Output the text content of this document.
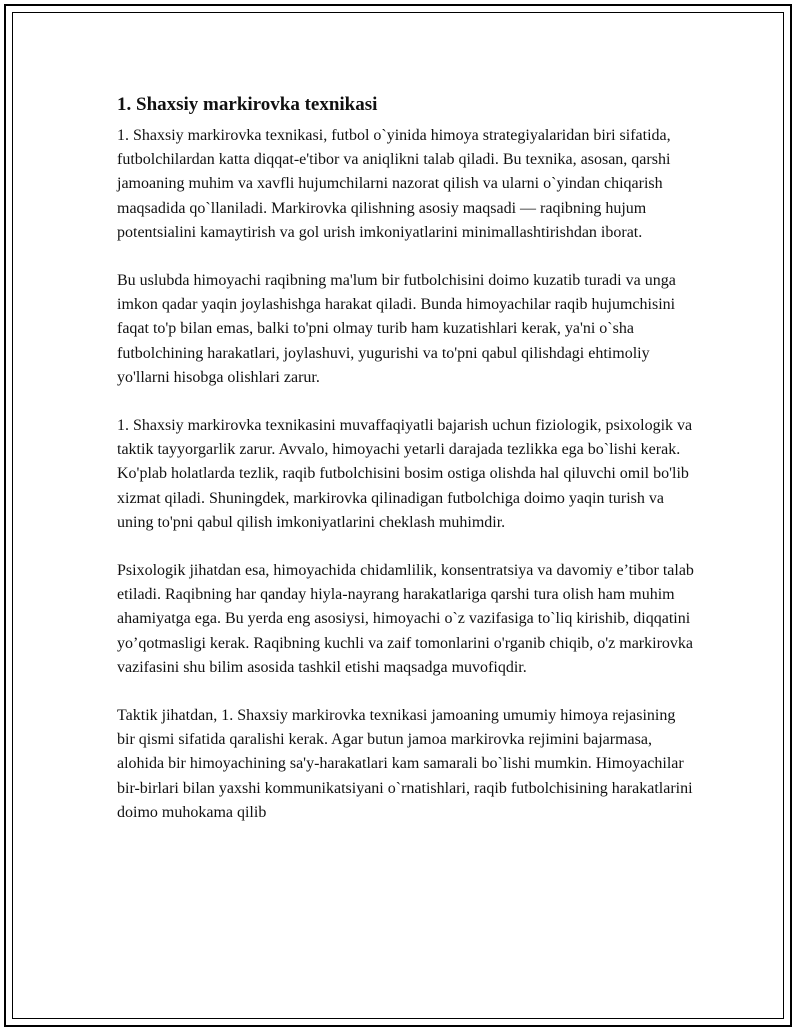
1. Shaxsiy markirovka texnikasi

1. Shaxsiy markirovka texnikasi, futbol o`yinida himoya strategiyalaridan biri sifatida, futbolchilardan katta diqqat-e'tibor va aniqlikni talab qiladi. Bu texnika, asosan, qarshi jamoaning muhim va xavfli hujumchilarni nazorat qilish va ularni o`yindan chiqarish maqsadida qo`llaniladi. Markirovka qilishning asosiy maqsadi — raqibning hujum potentsialini kamaytirish va gol urish imkoniyatlarini minimallashtirishdan iborat.

Bu uslubda himoyachi raqibning ma'lum bir futbolchisini doimo kuzatib turadi va unga imkon qadar yaqin joylashishga harakat qiladi. Bunda himoyachilar raqib hujumchisini faqat to'p bilan emas, balki to'pni olmay turib ham kuzatishlari kerak, ya'ni o`sha futbolchining harakatlari, joylashuvi, yugurishi va to'pni qabul qilishdagi ehtimoliy yo'llarni hisobga olishlari zarur.

1. Shaxsiy markirovka texnikasini muvaffaqiyatli bajarish uchun fiziologik, psixologik va taktik tayyorgarlik zarur. Avvalo, himoyachi yetarli darajada tezlikka ega bo`lishi kerak. Ko'plab holatlarda tezlik, raqib futbolchisini bosim ostiga olishda hal qiluvchi omil bo'lib xizmat qiladi. Shuningdek, markirovka qilinadigan futbolchiga doimo yaqin turish va uning to'pni qabul qilish imkoniyatlarini cheklash muhimdir.

Psixologik jihatdan esa, himoyachida chidamlilik, konsentratsiya va davomiy e’tibor talab etiladi. Raqibning har qanday hiyla-nayrang harakatlariga qarshi tura olish ham muhim ahamiyatga ega. Bu yerda eng asosiysi, himoyachi o`z vazifasiga to`liq kirishib, diqqatini yo’qotmasligi kerak. Raqibning kuchli va zaif tomonlarini o'rganib chiqib, o'z markirovka vazifasini shu bilim asosida tashkil etishi maqsadga muvofiqdir.

Taktik jihatdan, 1. Shaxsiy markirovka texnikasi jamoaning umumiy himoya rejasining bir qismi sifatida qaralishi kerak. Agar butun jamoa markirovka rejimini bajarmasa, alohida bir himoyachining sa'y-harakatlari kam samarali bo`lishi mumkin. Himoyachilar bir-birlari bilan yaxshi kommunikatsiyani o`rnatishlari, raqib futbolchisining harakatlarini doimo muhokama qilib
